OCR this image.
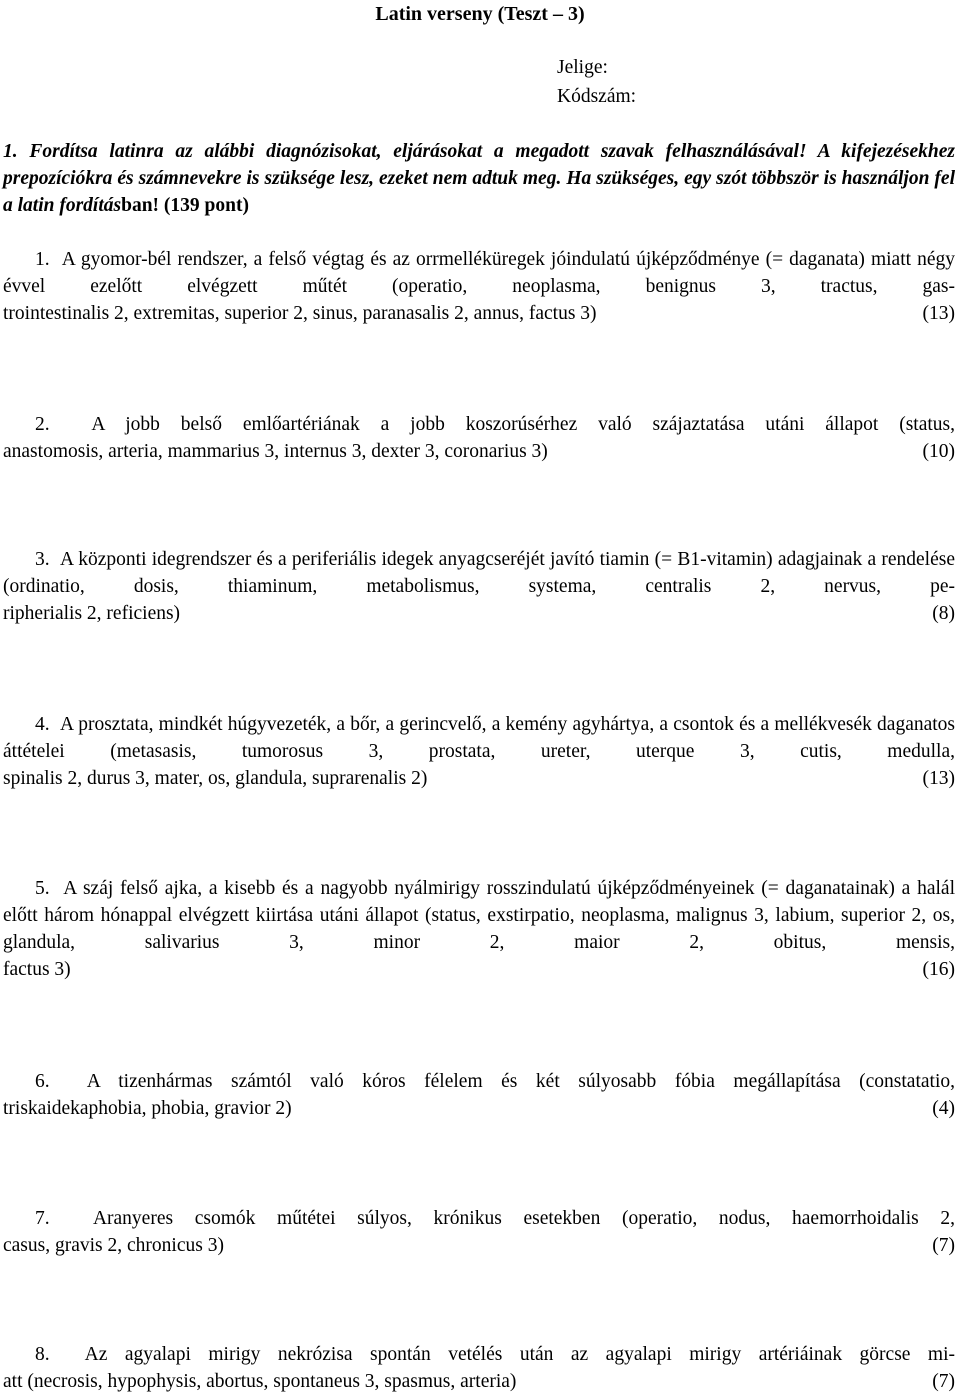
Latin verseny (Teszt – 3)
Jelige:
Kódszám:
1. Fordítsa latinra az alábbi diagnózisokat, eljárásokat a megadott szavak felhasználásával! A kifejezésekhez prepozíciókra és számnevekre is szüksége lesz, ezeket nem adtuk meg. Ha szükséges, egy szót többször is használjon fel a latin fordításban! (139 pont)

1. A gyomor-bél rendszer, a felső végtag és az orrmelléküregek jóindulatú újképződménye (= daganata) miatt négy évvel ezelőtt elvégzett műtét (operatio, neoplasma, benignus 3, tractus, gas-

trointestinalis 2, extremitas, superior 2, sinus, paranasalis 2, annus, factus 3)	(13)

2. A jobb belső emlőartériának a jobb koszorúsérhez való szájaztatása utáni állapot (status,

anastomosis, arteria, mammarius 3, internus 3, dexter 3, coronarius 3)	(10)

3. A központi idegrendszer és a periferiális idegek anyagcseréjét javító tiamin (= B1-vitamin) adagjainak a rendelése (ordinatio, dosis, thiaminum, metabolismus, systema, centralis 2, nervus, pe-

ripherialis 2, reficiens)	(8)

4. A prosztata, mindkét húgyvezeték, a bőr, a gerincvelő, a kemény agyhártya, a csontok és a mellékvesék daganatos áttételei (metasasis, tumorosus 3, prostata, ureter, uterque 3, cutis, medulla,

spinalis 2, durus 3, mater, os, glandula, suprarenalis 2)	(13)

5. A száj felső ajka, a kisebb és a nagyobb nyálmirigy rosszindulatú újképződményeinek (= daganatainak) a halál előtt három hónappal elvégzett kiirtása utáni állapot (status, exstirpatio, neoplasma, malignus 3, labium, superior 2, os, glandula, salivarius 3, minor 2, maior 2, obitus, mensis,

factus 3)	(16)

6. A tizenhármas számtól való kóros félelem és két súlyosabb fóbia megállapítása (constatatio,

triskaidekaphobia, phobia, gravior 2)	(4)

7. Aranyeres csomók műtétei súlyos, krónikus esetekben (operatio, nodus, haemorrhoidalis 2,

casus, gravis 2, chronicus 3)	(7)

8. Az agyalapi mirigy nekrózisa spontán vetélés után az agyalapi mirigy artériáinak görcse mi-

att (necrosis, hypophysis, abortus, spontaneus 3, spasmus, arteria)	(7)
